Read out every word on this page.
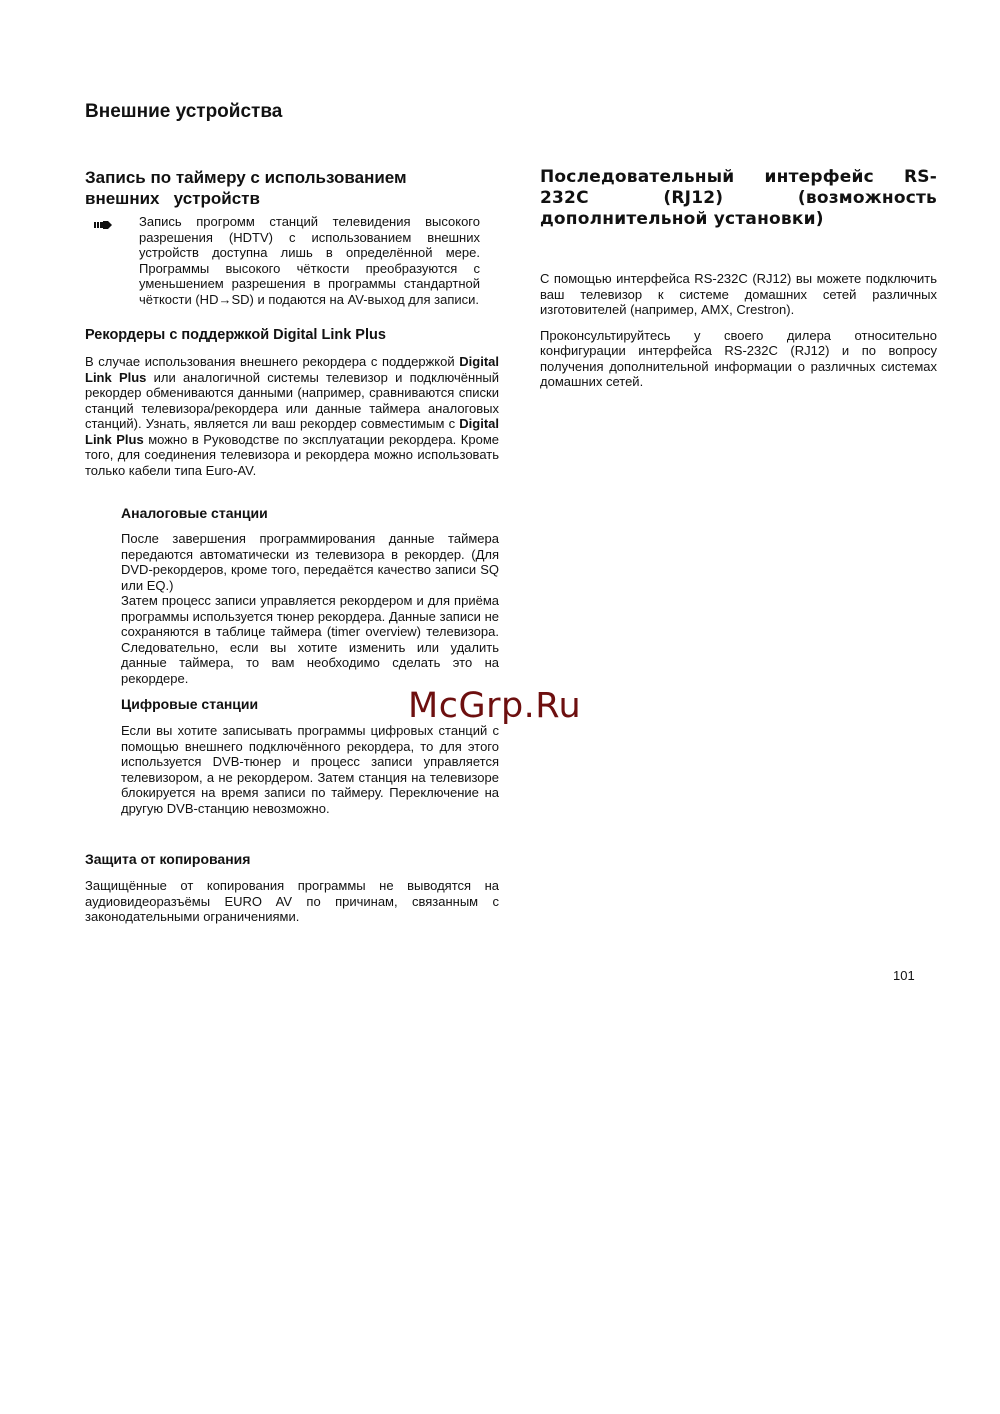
Внешние устройства
Запись по таймеру с использованием
внешних   устройств

Запись прогромм станций телевидения высокого разрешения (HDTV) с использованием внешних устройств доступна лишь в определённой мере. Программы высокого чёткости преобразуются с уменьшением разрешения в программы стандартной чёткости (HD→SD) и подаются на AV-выход для записи.

Рекордеры с поддержкой Digital Link Plus

В случае использования внешнего рекордера с поддержкой Digital Link Plus или аналогичной системы телевизор и подключённый рекордер обмениваются данными (например, сравниваются списки станций телевизора/рекордера или данные таймера аналоговых станций). Узнать, является ли ваш рекордер совместимым с Digital Link Plus можно в Руководстве по эксплуатации рекордера. Кроме того, для соединения телевизора и рекордера можно использовать только кабели типа Euro-AV.

Аналоговые станции

После завершения программирования данные таймера передаются автоматически из телевизора в рекордер. (Для DVD-рекордеров, кроме того, передаётся качество записи SQ или EQ.)

Затем процесс записи управляется рекордером и для приёма программы используется тюнер рекордера. Данные записи не сохраняются в таблице таймера (timer overview) телевизора. Следовательно, если вы хотите изменить или удалить данные таймера, то вам необходимо сделать это на рекордере.

Цифровые станции

Если вы хотите записывать программы цифровых станций с помощью внешнего подключённого рекордера, то для этого используется DVB-тюнер и процесс записи управляется телевизором, а не рекордером. Затем станция на телевизоре блокируется на время записи по таймеру. Переключение на другую DVB-станцию невозможно.

Защита от копирования

Защищённые от копирования программы не выводятся на аудиовидеоразъёмы EURO AV по причинам, связанным с законодательными ограничениями.

Последовательный интерфейс RS-232C (RJ12) (возможность дополнительной установки)

С помощью интерфейса RS-232C (RJ12) вы можете подключить ваш телевизор к системе домашних сетей различных изготовителей (например, AMX, Crestron).

Проконсультируйтесь у своего дилера относительно конфигурации интерфейса RS-232C (RJ12) и по вопросу получения дополнительной информации о различных системах домашних сетей.

McGrp.Ru
101
